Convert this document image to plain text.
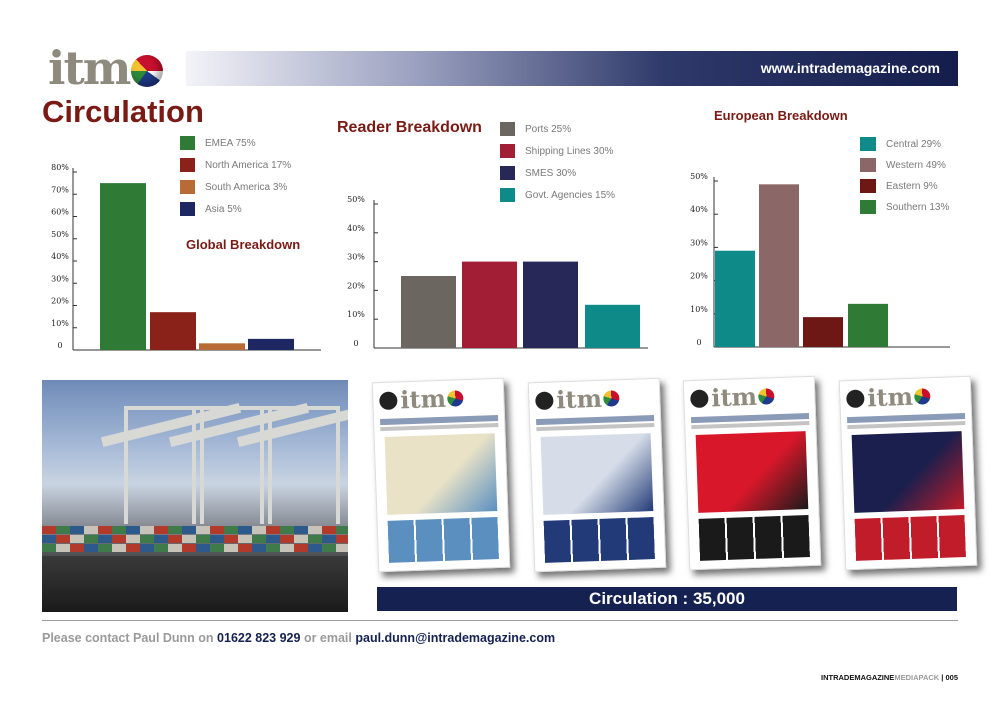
itm	www.intrademagazine.com
Circulation
0
10%
20%
30%
40%
50%
60%
70%
80%
EMEA 75%
North America 17%
South America 3%
Asia 5%
Global Breakdown
0
10%
20%
30%
40%
50%
Reader Breakdown	Ports 25%
Shipping Lines 30%
SMES 30%
Govt. Agencies 15%
0
10%
20%
30%
40%
50%
European Breakdown
Central 29%
Western 49%
Eastern 9%
Southern 13%
itm	itm	itm	itm
Circulation : 35,000
Please contact Paul Dunn on 01622 823 929 or email paul.dunn@intrademagazine.com
INTRADEMAGAZINEMEDIAPACK | 005
